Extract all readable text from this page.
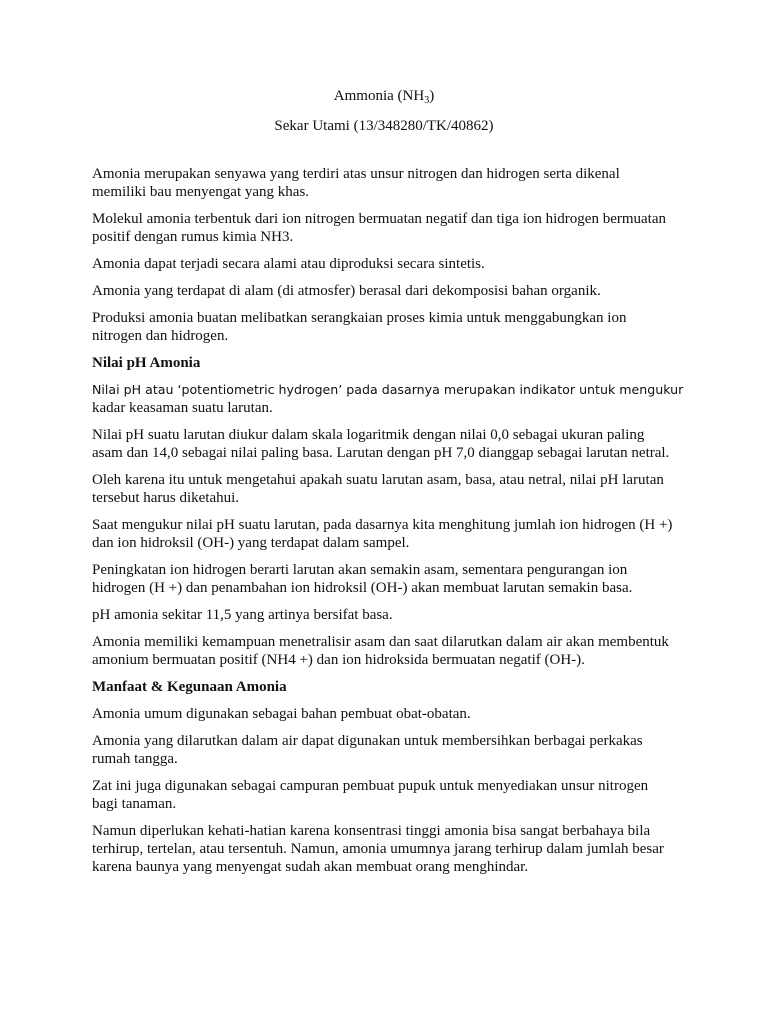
Ammonia $(NH_3)$

Sekar Utami (13/348280/TK/40862)

Amonia merupakan senyawa yang terdiri atas unsur nitrogen dan hidrogen serta dikenal memiliki bau menyengat yang khas.

Molekul amonia terbentuk dari ion nitrogen bermuatan negatif dan tiga ion hidrogen bermuatan positif dengan rumus kimia NH3.

Amonia dapat terjadi secara alami atau diproduksi secara sintetis.

Amonia yang terdapat di alam (di atmosfer) berasal dari dekomposisi bahan organik.

Produksi amonia buatan melibatkan serangkaian proses kimia untuk menggabungkan ion nitrogen dan hidrogen.

Nilai pH Amonia

Nilai pH atau ‘potentiometric hydrogen’ pada dasarnya merupakan indikator untuk mengukur
kadar keasaman suatu larutan.

Nilai pH suatu larutan diukur dalam skala logaritmik dengan nilai 0,0 sebagai ukuran paling asam dan 14,0 sebagai nilai paling basa. Larutan dengan pH 7,0 dianggap sebagai larutan netral.

Oleh karena itu untuk mengetahui apakah suatu larutan asam, basa, atau netral, nilai pH larutan tersebut harus diketahui.

Saat mengukur nilai pH suatu larutan, pada dasarnya kita menghitung jumlah ion hidrogen (H +) dan ion hidroksil (OH-) yang terdapat dalam sampel.

Peningkatan ion hidrogen berarti larutan akan semakin asam, sementara pengurangan ion hidrogen (H +) dan penambahan ion hidroksil (OH-) akan membuat larutan semakin basa.

pH amonia sekitar 11,5 yang artinya bersifat basa.

Amonia memiliki kemampuan menetralisir asam dan saat dilarutkan dalam air akan membentuk amonium bermuatan positif (NH4 +) dan ion hidroksida bermuatan negatif (OH-).

Manfaat & Kegunaan Amonia

Amonia umum digunakan sebagai bahan pembuat obat-obatan.

Amonia yang dilarutkan dalam air dapat digunakan untuk membersihkan berbagai perkakas rumah tangga.

Zat ini juga digunakan sebagai campuran pembuat pupuk untuk menyediakan unsur nitrogen bagi tanaman.

Namun diperlukan kehati-hatian karena konsentrasi tinggi amonia bisa sangat berbahaya bila terhirup, tertelan, atau tersentuh. Namun, amonia umumnya jarang terhirup dalam jumlah besar karena baunya yang menyengat sudah akan membuat orang menghindar.
